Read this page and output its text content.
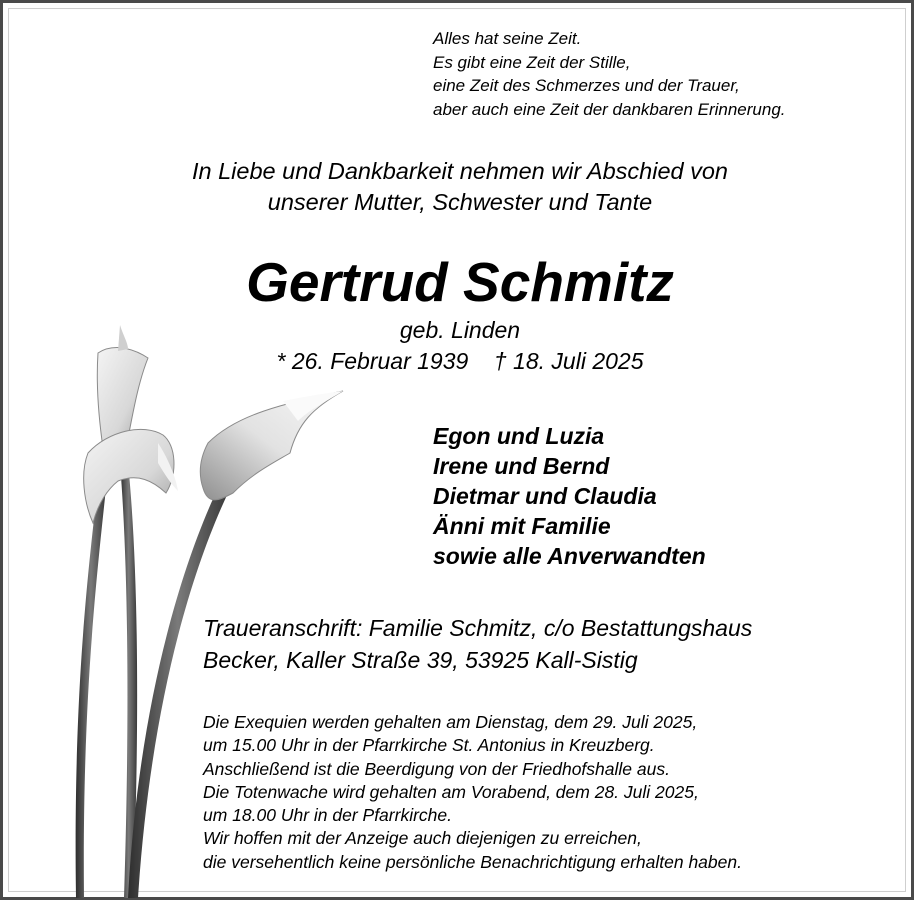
Alles hat seine Zeit.
Es gibt eine Zeit der Stille,
eine Zeit des Schmerzes und der Trauer,
aber auch eine Zeit der dankbaren Erinnerung.
In Liebe und Dankbarkeit nehmen wir Abschied von
unserer Mutter, Schwester und Tante
Gertrud Schmitz
geb. Linden
* 26. Februar 1939    † 18. Juli 2025
Egon und Luzia
Irene und Bernd
Dietmar und Claudia
Änni mit Familie
sowie alle Anverwandten
Traueranschrift: Familie Schmitz, c/o Bestattungshaus
Becker, Kaller Straße 39, 53925 Kall-Sistig
Die Exequien werden gehalten am Dienstag, dem 29. Juli 2025,
um 15.00 Uhr in der Pfarrkirche St. Antonius in Kreuzberg.
Anschließend ist die Beerdigung von der Friedhofshalle aus.
Die Totenwache wird gehalten am Vorabend, dem 28. Juli 2025,
um 18.00 Uhr in der Pfarrkirche.
Wir hoffen mit der Anzeige auch diejenigen zu erreichen,
die versehentlich keine persönliche Benachrichtigung erhalten haben.
